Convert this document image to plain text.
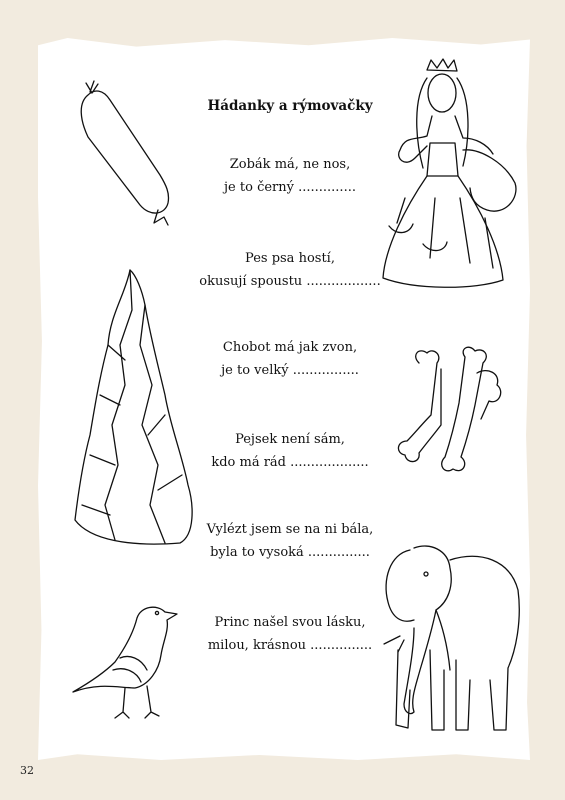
Hádanky a rýmovačky
Zobák má, ne nos,
je to černý ..............
Pes psa hostí,
okusují spoustu ..................
Chobot má jak zvon,
je to velký ................
Pejsek není sám,
kdo má rád ...................
Vylézt jsem se na ni bála,
byla to vysoká ...............
Princ našel svou lásku,
milou, krásnou ...............
32
